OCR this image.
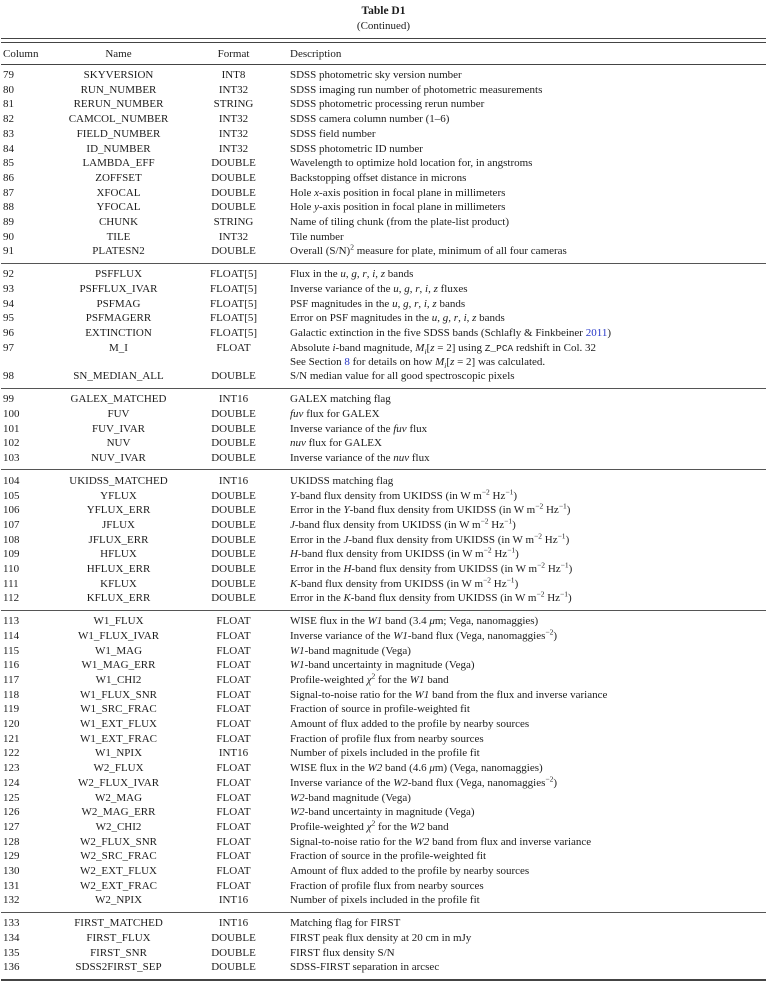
Table D1
(Continued)
Column	Name	Format	Description
79	SKYVERSION	INT8	SDSS photometric sky version number

80	RUN_NUMBER	INT32	SDSS imaging run number of photometric measurements

81	RERUN_NUMBER	STRING	SDSS photometric processing rerun number

82	CAMCOL_NUMBER	INT32	SDSS camera column number (1–6)

83	FIELD_NUMBER	INT32	SDSS field number

84	ID_NUMBER	INT32	SDSS photometric ID number

85	LAMBDA_EFF	DOUBLE	Wavelength to optimize hold location for, in angstroms

86	ZOFFSET	DOUBLE	Backstopping offset distance in microns

87	XFOCAL	DOUBLE	Hole x-axis position in focal plane in millimeters

88	YFOCAL	DOUBLE	Hole y-axis position in focal plane in millimeters

89	CHUNK	STRING	Name of tiling chunk (from the plate-list product)

90	TILE	INT32	Tile number

91	PLATESN2	DOUBLE	Overall $(S/N)^2$ measure for plate, minimum of all four cameras

92	PSFFLUX	FLOAT[5]	Flux in the u, g, r, i, z bands

93	PSFFLUX_IVAR	FLOAT[5]	Inverse variance of the u, g, r, i, z fluxes

94	PSFMAG	FLOAT[5]	PSF magnitudes in the u, g, r, i, z bands

95	PSFMAGERR	FLOAT[5]	Error on PSF magnitudes in the u, g, r, i, z bands

96	EXTINCTION	FLOAT[5]	Galactic extinction in the five SDSS bands (Schlafly & Finkbeiner 2011)

97	M_I	FLOAT	Absolute i-band magnitude, $M_i[z = 2]$ using Z_PCA redshift in Col. 32
See Section 8 for details on how $M_i[z = 2]$ was calculated.

98	SN_MEDIAN_ALL	DOUBLE	S/N median value for all good spectroscopic pixels

99	GALEX_MATCHED	INT16	GALEX matching flag

100	FUV	DOUBLE	fuv flux for GALEX

101	FUV_IVAR	DOUBLE	Inverse variance of the fuv flux

102	NUV	DOUBLE	nuv flux for GALEX

103	NUV_IVAR	DOUBLE	Inverse variance of the nuv flux

104	UKIDSS_MATCHED	INT16	UKIDSS matching flag

105	YFLUX	DOUBLE	Y-band flux density from UKIDSS (in W $m^{-2}$ $Hz^{-1}$)

106	YFLUX_ERR	DOUBLE	Error in the Y-band flux density from UKIDSS (in W $m^{-2}$ $Hz^{-1}$)

107	JFLUX	DOUBLE	J-band flux density from UKIDSS (in W $m^{-2}$ $Hz^{-1}$)

108	JFLUX_ERR	DOUBLE	Error in the J-band flux density from UKIDSS (in W $m^{-2}$ $Hz^{-1}$)

109	HFLUX	DOUBLE	H-band flux density from UKIDSS (in W $m^{-2}$ $Hz^{-1}$)

110	HFLUX_ERR	DOUBLE	Error in the H-band flux density from UKIDSS (in W $m^{-2}$ $Hz^{-1}$)

111	KFLUX	DOUBLE	K-band flux density from UKIDSS (in W $m^{-2}$ $Hz^{-1}$)

112	KFLUX_ERR	DOUBLE	Error in the K-band flux density from UKIDSS (in W $m^{-2}$ $Hz^{-1}$)

113	W1_FLUX	FLOAT	WISE flux in the W1 band (3.4 μm; Vega, nanomaggies)

114	W1_FLUX_IVAR	FLOAT	Inverse variance of the W1-band flux (Vega, nanomaggies$^{-2}$)

115	W1_MAG	FLOAT	W1-band magnitude (Vega)

116	W1_MAG_ERR	FLOAT	W1-band uncertainty in magnitude (Vega)

117	W1_CHI2	FLOAT	Profile-weighted $\chi^2$ for the W1 band

118	W1_FLUX_SNR	FLOAT	Signal-to-noise ratio for the W1 band from the flux and inverse variance

119	W1_SRC_FRAC	FLOAT	Fraction of source in profile-weighted fit

120	W1_EXT_FLUX	FLOAT	Amount of flux added to the profile by nearby sources

121	W1_EXT_FRAC	FLOAT	Fraction of profile flux from nearby sources

122	W1_NPIX	INT16	Number of pixels included in the profile fit

123	W2_FLUX	FLOAT	WISE flux in the W2 band (4.6 μm) (Vega, nanomaggies)

124	W2_FLUX_IVAR	FLOAT	Inverse variance of the W2-band flux (Vega, nanomaggies$^{-2}$)

125	W2_MAG	FLOAT	W2-band magnitude (Vega)

126	W2_MAG_ERR	FLOAT	W2-band uncertainty in magnitude (Vega)

127	W2_CHI2	FLOAT	Profile-weighted $\chi^2$ for the W2 band

128	W2_FLUX_SNR	FLOAT	Signal-to-noise ratio for the W2 band from flux and inverse variance

129	W2_SRC_FRAC	FLOAT	Fraction of source in the profile-weighted fit

130	W2_EXT_FLUX	FLOAT	Amount of flux added to the profile by nearby sources

131	W2_EXT_FRAC	FLOAT	Fraction of profile flux from nearby sources

132	W2_NPIX	INT16	Number of pixels included in the profile fit

133	FIRST_MATCHED	INT16	Matching flag for FIRST

134	FIRST_FLUX	DOUBLE	FIRST peak flux density at 20 cm in mJy

135	FIRST_SNR	DOUBLE	FIRST flux density S/N

136	SDSS2FIRST_SEP	DOUBLE	SDSS-FIRST separation in arcsec
